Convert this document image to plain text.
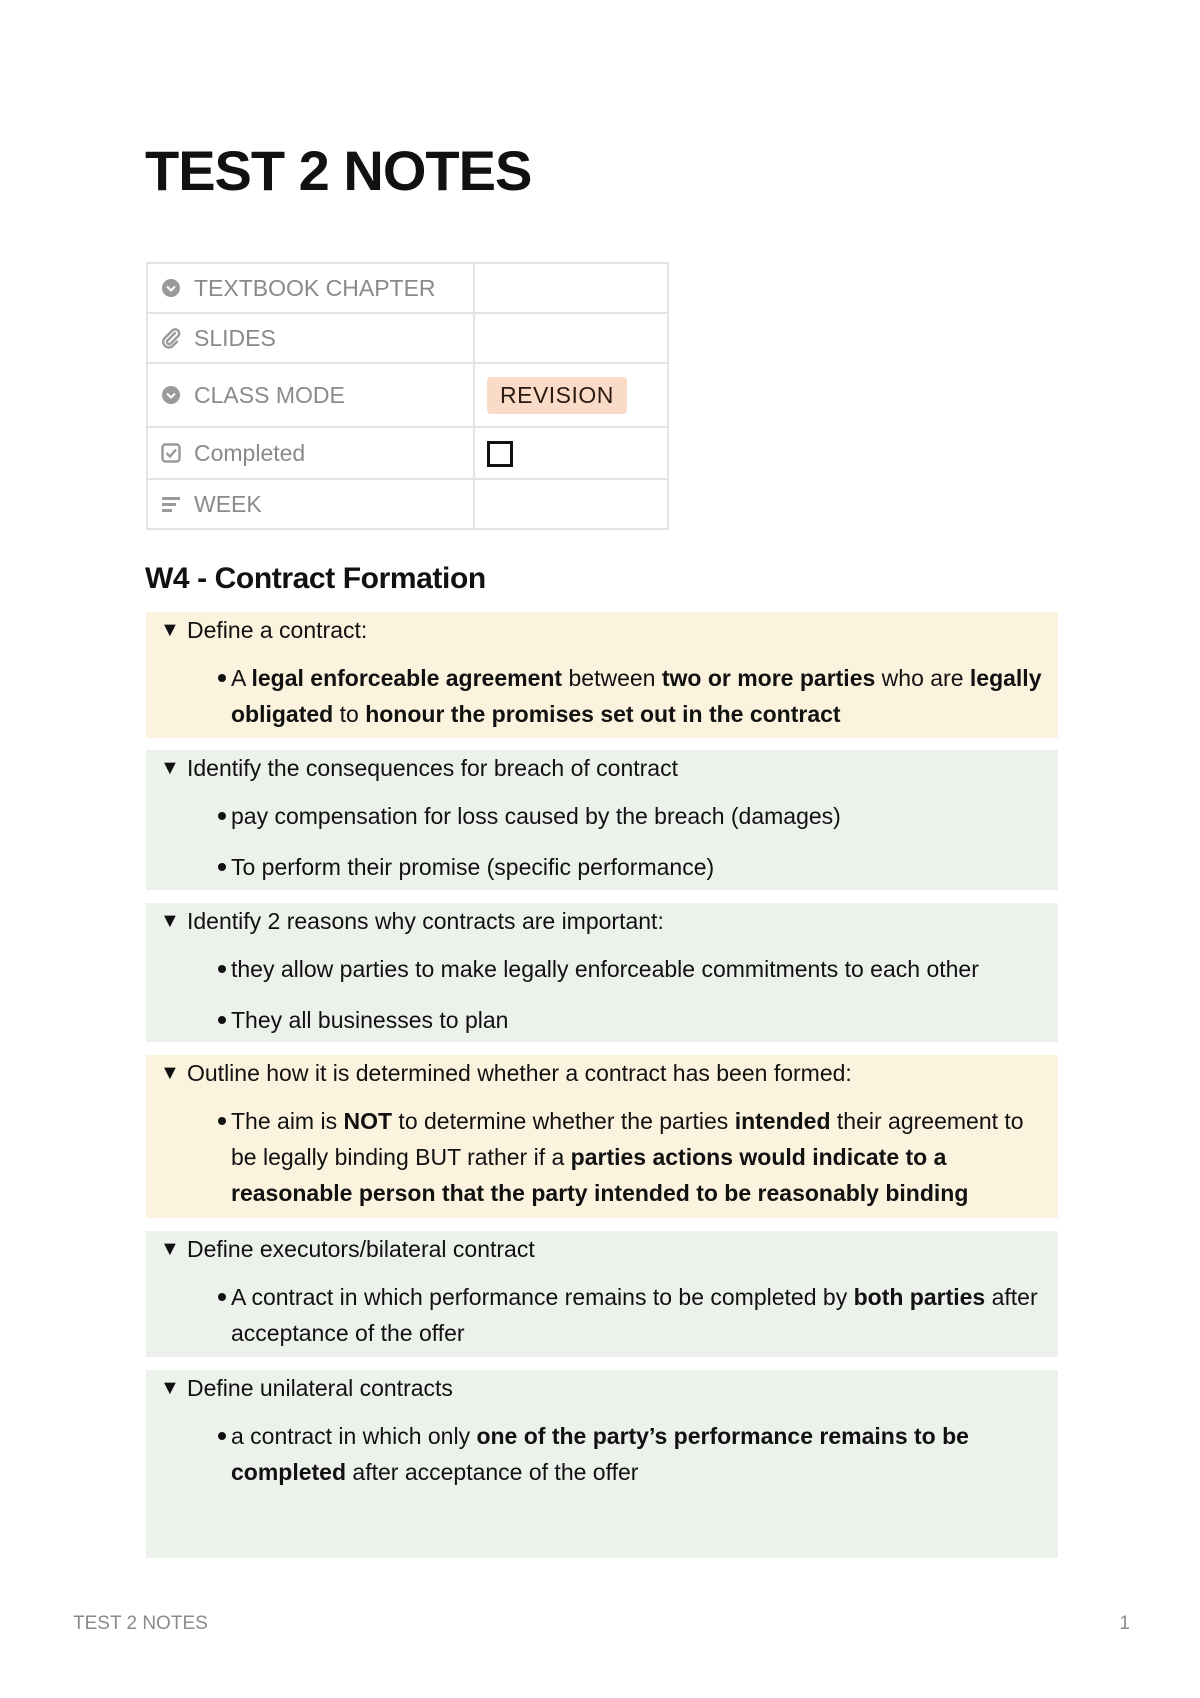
TEST 2 NOTES
TEXTBOOK CHAPTER	

SLIDES	

CLASS MODE	REVISION

Completed	

WEEK	

W4 - Contract Formation
▼ Define a contract:
A legal enforceable agreement between two or more parties who are legally obligated to honour the promises set out in the contract
▼ Identify the consequences for breach of contract
pay compensation for loss caused by the breach (damages)
To perform their promise (specific performance)
▼ Identify 2 reasons why contracts are important:
they allow parties to make legally enforceable commitments to each other
They all businesses to plan
▼ Outline how it is determined whether a contract has been formed:
The aim is NOT to determine whether the parties intended their agreement to be legally binding BUT rather if a parties actions would indicate to a reasonable person that the party intended to be reasonably binding
▼ Define executors/bilateral contract
A contract in which performance remains to be completed by both parties after acceptance of the offer
▼ Define unilateral contracts
a contract in which only one of the party’s performance remains to be completed after acceptance of the offer
TEST 2 NOTES	1
